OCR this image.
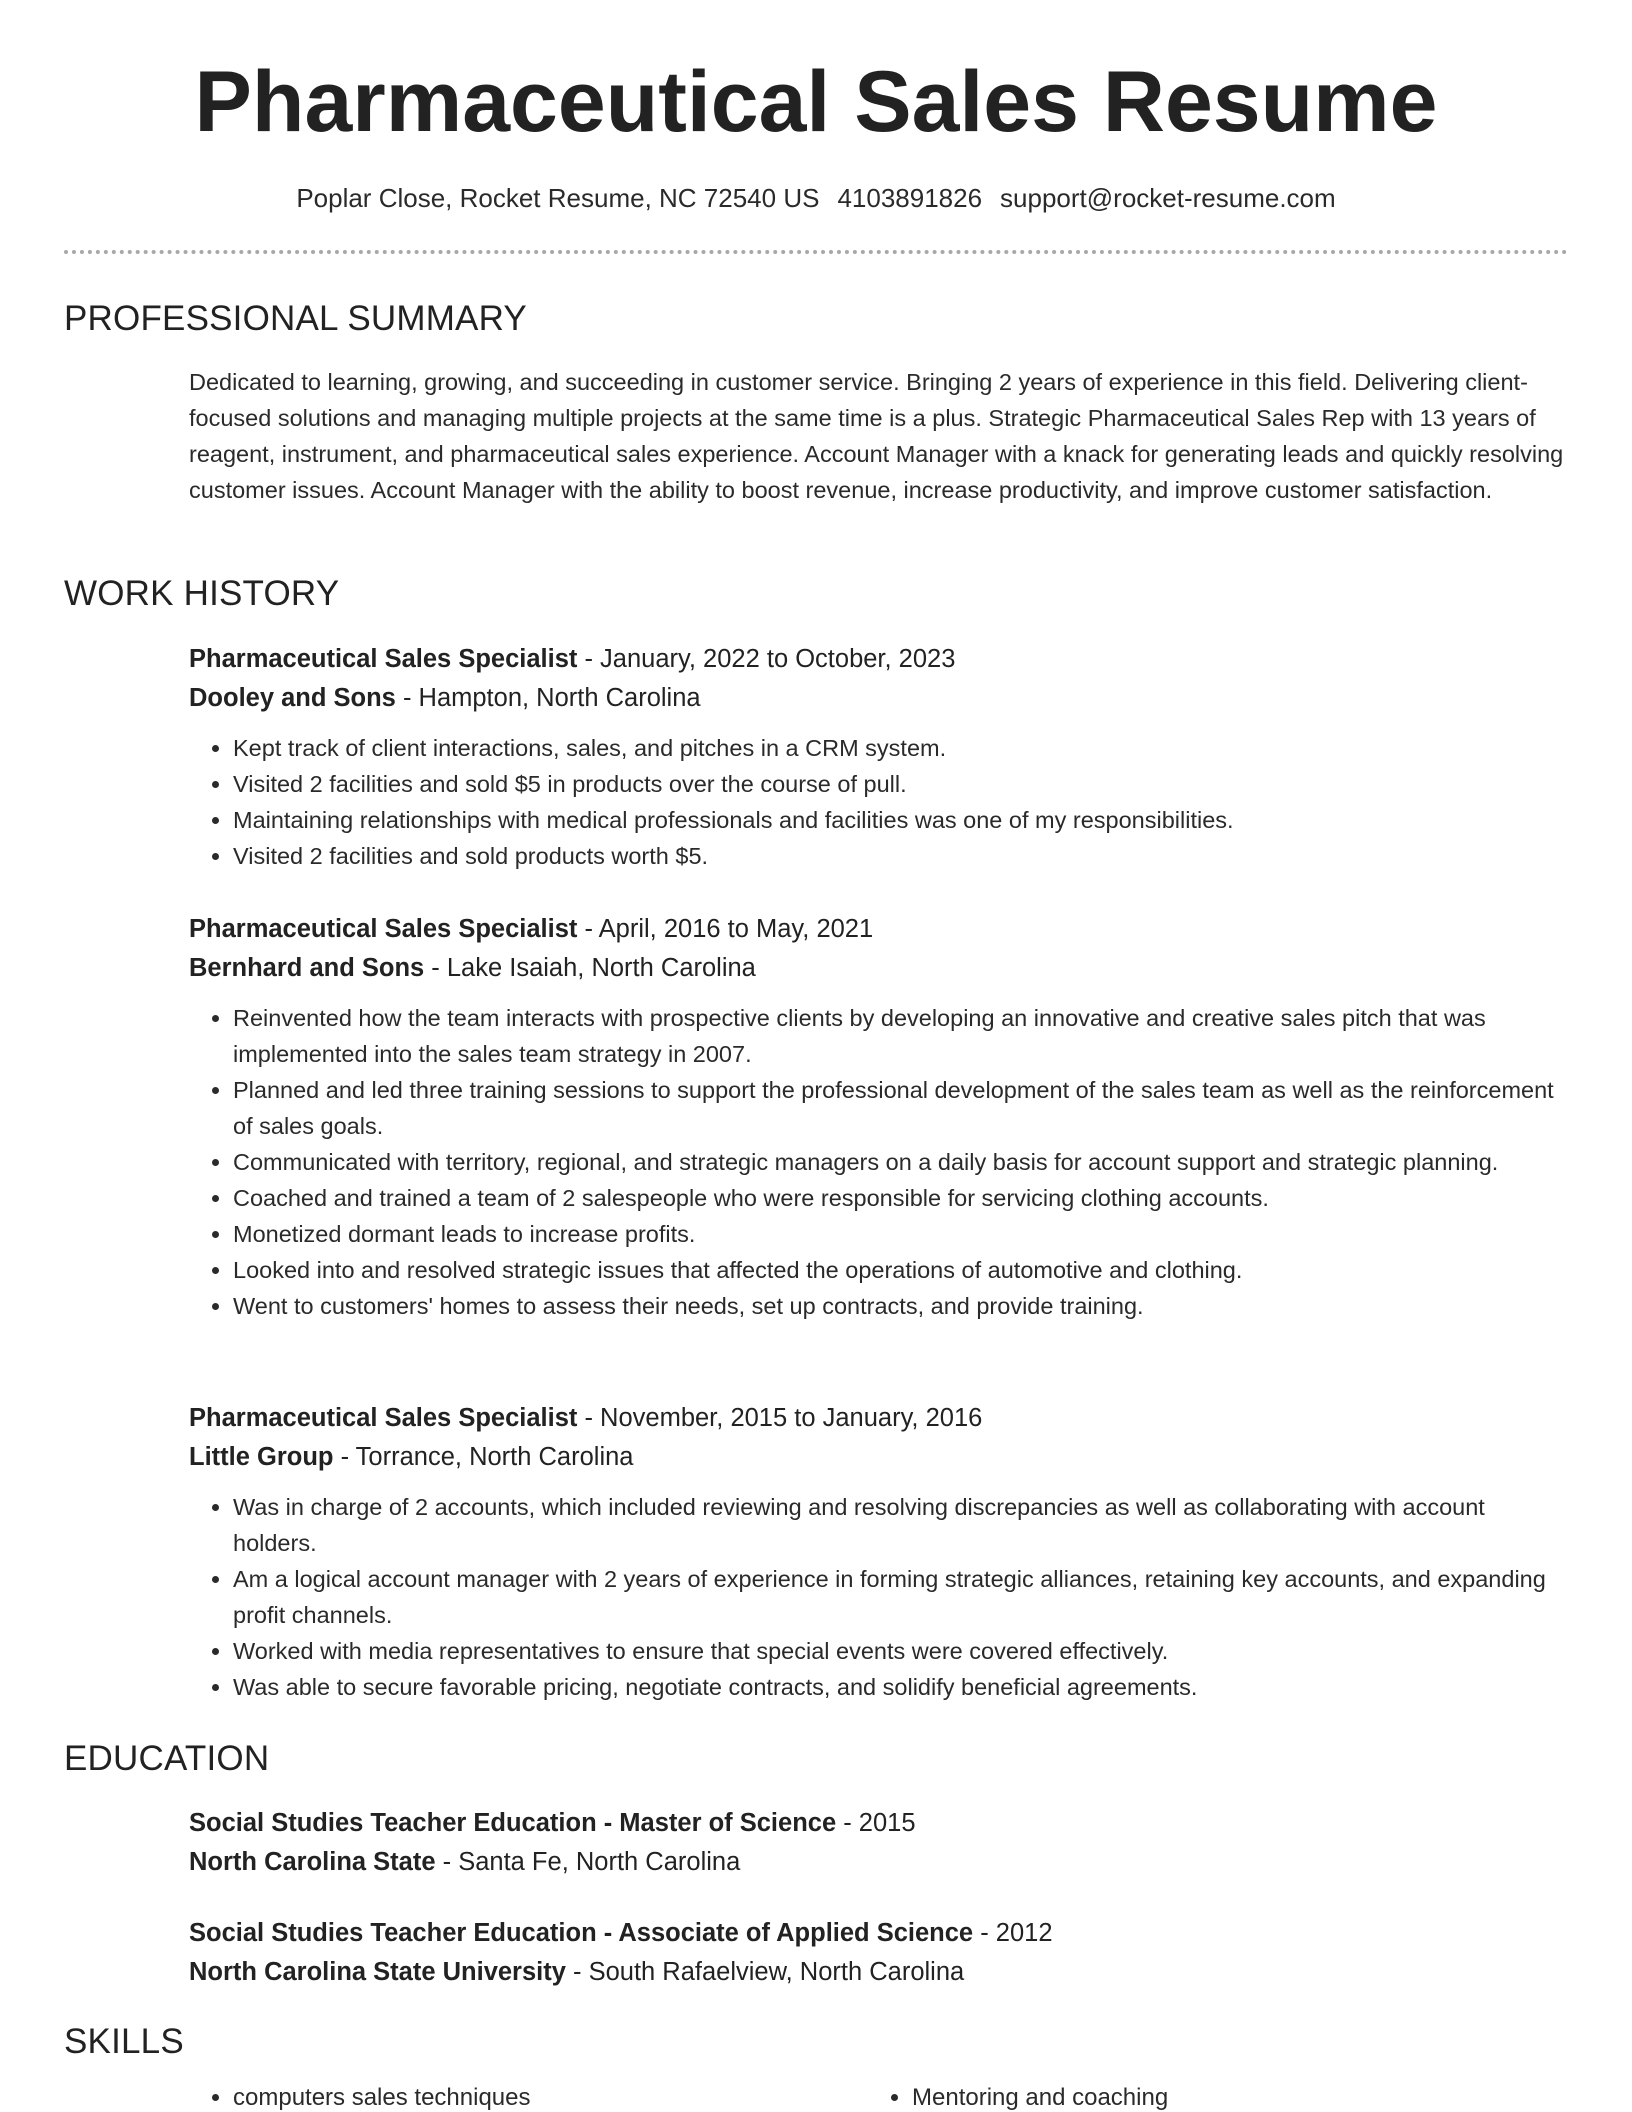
Pharmaceutical Sales Resume
Poplar Close, Rocket Resume, NC 72540 US 4103891826 support@rocket-resume.com
PROFESSIONAL SUMMARY

Dedicated to learning, growing, and succeeding in customer service. Bringing 2 years of experience in this field. Delivering client-focused solutions and managing multiple projects at the same time is a plus. Strategic Pharmaceutical Sales Rep with 13 years of reagent, instrument, and pharmaceutical sales experience. Account Manager with a knack for generating leads and quickly resolving customer issues. Account Manager with the ability to boost revenue, increase productivity, and improve customer satisfaction.

WORK HISTORY
Pharmaceutical Sales Specialist - January, 2022 to October, 2023
Dooley and Sons - Hampton, North Carolina
• Kept track of client interactions, sales, and pitches in a CRM system.
• Visited 2 facilities and sold $5 in products over the course of pull.
• Maintaining relationships with medical professionals and facilities was one of my responsibilities.
• Visited 2 facilities and sold products worth $5.
Pharmaceutical Sales Specialist - April, 2016 to May, 2021
Bernhard and Sons - Lake Isaiah, North Carolina
• Reinvented how the team interacts with prospective clients by developing an innovative and creative sales pitch that was implemented into the sales team strategy in 2007.
• Planned and led three training sessions to support the professional development of the sales team as well as the reinforcement of sales goals.
• Communicated with territory, regional, and strategic managers on a daily basis for account support and strategic planning.
• Coached and trained a team of 2 salespeople who were responsible for servicing clothing accounts.
• Monetized dormant leads to increase profits.
• Looked into and resolved strategic issues that affected the operations of automotive and clothing.
• Went to customers' homes to assess their needs, set up contracts, and provide training.
Pharmaceutical Sales Specialist - November, 2015 to January, 2016
Little Group - Torrance, North Carolina
• Was in charge of 2 accounts, which included reviewing and resolving discrepancies as well as collaborating with account holders.
• Am a logical account manager with 2 years of experience in forming strategic alliances, retaining key accounts, and expanding profit channels.
• Worked with media representatives to ensure that special events were covered effectively.
• Was able to secure favorable pricing, negotiate contracts, and solidify beneficial agreements.
EDUCATION
Social Studies Teacher Education - Master of Science - 2015
North Carolina State - Santa Fe, North Carolina
Social Studies Teacher Education - Associate of Applied Science - 2012
North Carolina State University - South Rafaelview, North Carolina
SKILLS
• computers sales techniques
•	Mentoring and coaching
